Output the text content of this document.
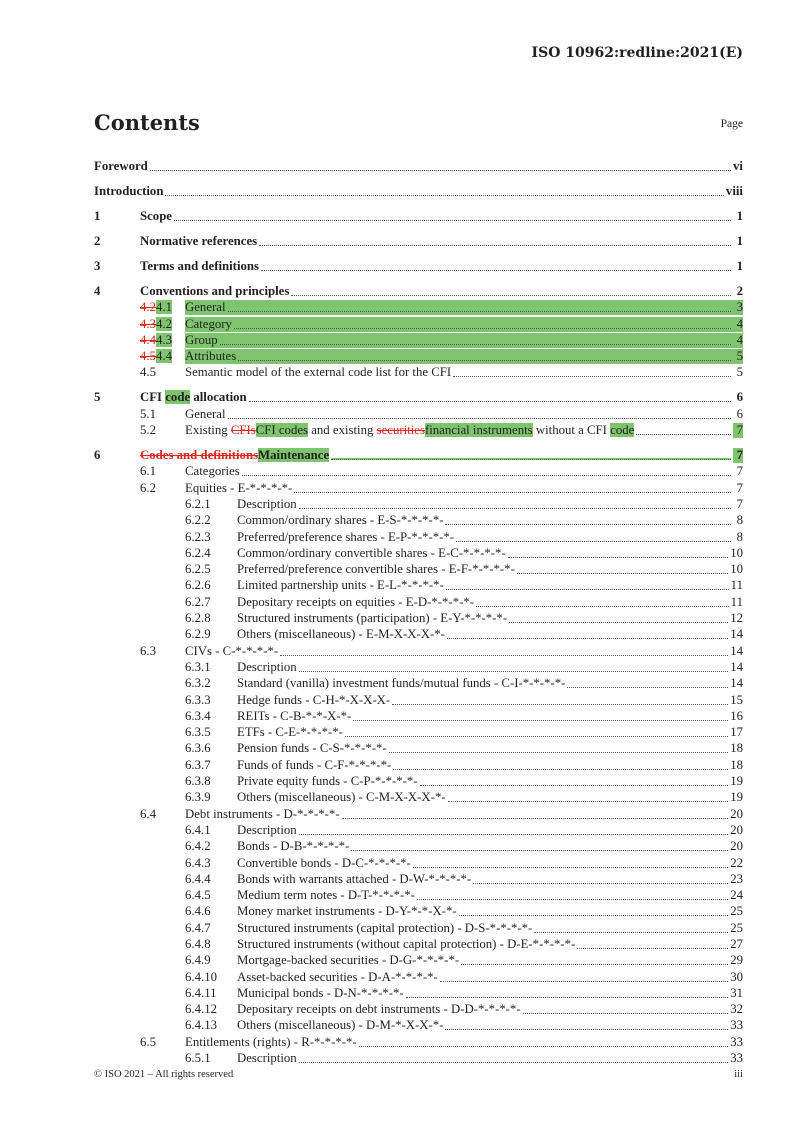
ISO 10962:redline:2021(E)
Contents	Page
Foreword	vi
Introduction	viii
1	Scope	1
2	Normative references	1
3	Terms and definitions	1
4	Conventions and principles	2
4.24.1 General	3
4.34.2 Category	4
4.44.3 Group	4
4.54.4 Attributes	5
4.5 Semantic model of the external code list for the CFI	5
5	CFI code allocation	6
5.1 General	6
5.2 Existing CFIsCFI codes and existing securitiesfinancial instruments without a CFI code	7
6	Codes and definitionsMaintenance	7
6.1 Categories	7
6.2 Equities - E-*-*-*-*-	7
6.2.1 Description	7
6.2.2 Common/ordinary shares - E-S-*-*-*-*-	8
6.2.3 Preferred/preference shares - E-P-*-*-*-*-	8
6.2.4 Common/ordinary convertible shares - E-C-*-*-*-*-	10
6.2.5 Preferred/preference convertible shares - E-F-*-*-*-*-	10
6.2.6 Limited partnership units - E-L-*-*-*-*-	11
6.2.7 Depositary receipts on equities - E-D-*-*-*-*-	11
6.2.8 Structured instruments (participation) - E-Y-*-*-*-*-	12
6.2.9 Others (miscellaneous) - E-M-X-X-X-*-	14
6.3 CIVs - C-*-*-*-*-	14
6.3.1 Description	14
6.3.2 Standard (vanilla) investment funds/mutual funds - C-I-*-*-*-*-	14
6.3.3 Hedge funds - C-H-*-X-X-X-	15
6.3.4 REITs - C-B-*-*-X-*-	16
6.3.5 ETFs - C-E-*-*-*-*-	17
6.3.6 Pension funds - C-S-*-*-*-*-	18
6.3.7 Funds of funds - C-F-*-*-*-*-	18
6.3.8 Private equity funds - C-P-*-*-*-*-	19
6.3.9 Others (miscellaneous) - C-M-X-X-X-*-	19
6.4 Debt instruments - D-*-*-*-*-	20
6.4.1 Description	20
6.4.2 Bonds - D-B-*-*-*-*-	20
6.4.3 Convertible bonds - D-C-*-*-*-*-	22
6.4.4 Bonds with warrants attached - D-W-*-*-*-*-	23
6.4.5 Medium term notes - D-T-*-*-*-*-	24
6.4.6 Money market instruments - D-Y-*-*-X-*-	25
6.4.7 Structured instruments (capital protection) - D-S-*-*-*-*-	25
6.4.8 Structured instruments (without capital protection) - D-E-*-*-*-*-	27
6.4.9 Mortgage-backed securities - D-G-*-*-*-*-	29
6.4.10 Asset-backed securities - D-A-*-*-*-*-	30
6.4.11 Municipal bonds - D-N-*-*-*-*-	31
6.4.12 Depositary receipts on debt instruments - D-D-*-*-*-*-	32
6.4.13 Others (miscellaneous) - D-M-*-X-X-*-	33
6.5 Entitlements (rights) - R-*-*-*-*-	33
6.5.1 Description	33
© ISO 2021 – All rights reserved	iii
